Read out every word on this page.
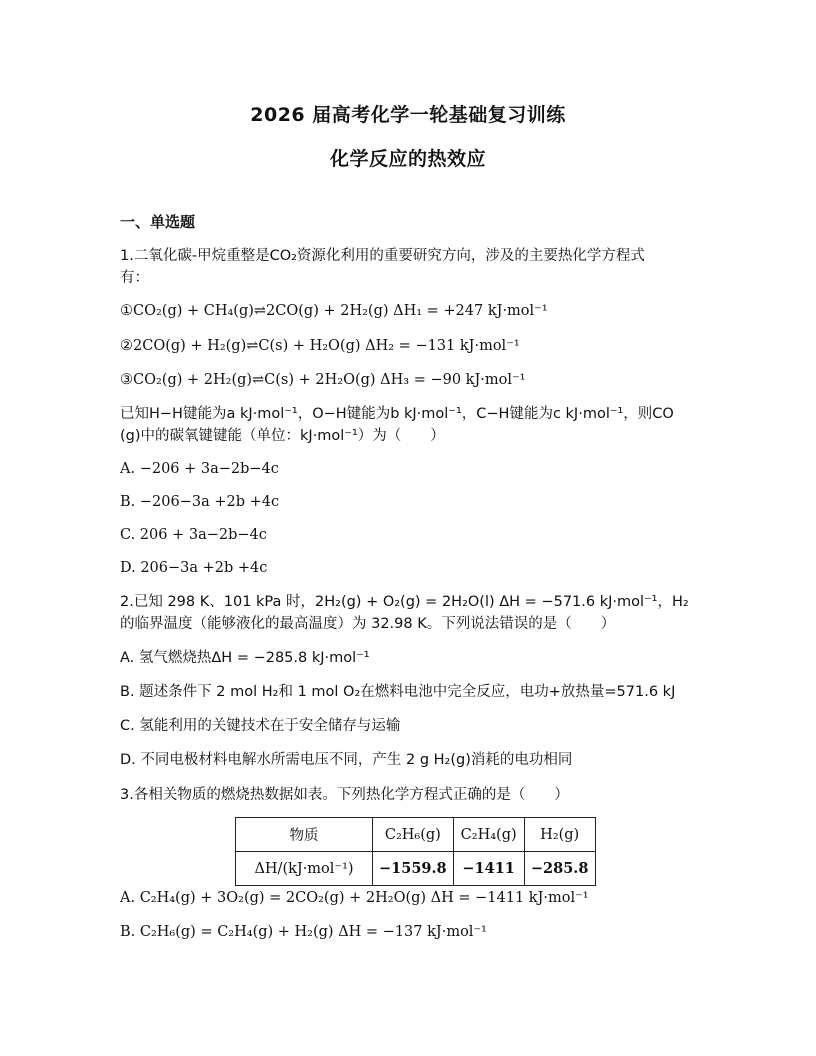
2026 届高考化学一轮基础复习训练
化学反应的热效应
一、单选题
1.二氧化碳-甲烷重整是CO₂资源化利用的重要研究方向，涉及的主要热化学方程式
有：
①CO₂(g) + CH₄(g)⇌2CO(g) + 2H₂(g) ΔH₁ = +247 kJ·mol⁻¹
②2CO(g) + H₂(g)⇌C(s) + H₂O(g) ΔH₂ = −131 kJ·mol⁻¹
③CO₂(g) + 2H₂(g)⇌C(s) + 2H₂O(g) ΔH₃ = −90 kJ·mol⁻¹
已知H−H键能为a kJ·mol⁻¹，O−H键能为b kJ·mol⁻¹，C−H键能为c kJ·mol⁻¹，则CO
(g)中的碳氧键键能（单位：kJ·mol⁻¹）为（　　）
A. −206 + 3a−2b−4c
B. −206−3a +2b +4c
C. 206 + 3a−2b−4c
D. 206−3a +2b +4c
2.已知 298 K、101 kPa 时，2H₂(g) + O₂(g) = 2H₂O(l) ΔH = −571.6 kJ·mol⁻¹，H₂
的临界温度（能够液化的最高温度）为 32.98 K。下列说法错误的是（　　）
A. 氢气燃烧热ΔH = −285.8 kJ·mol⁻¹
B. 题述条件下 2 mol H₂和 1 mol O₂在燃料电池中完全反应，电功+放热量=571.6 kJ
C. 氢能利用的关键技术在于安全储存与运输
D. 不同电极材料电解水所需电压不同，产生 2 g H₂(g)消耗的电功相同
3.各相关物质的燃烧热数据如表。下列热化学方程式正确的是（　　）
物质	C₂H₆(g)	C₂H₄(g)	H₂(g)
ΔH/(kJ·mol⁻¹)	−1559.8	−1411	−285.8
A. C₂H₄(g) + 3O₂(g) = 2CO₂(g) + 2H₂O(g) ΔH = −1411 kJ·mol⁻¹
B. C₂H₆(g) = C₂H₄(g) + H₂(g) ΔH = −137 kJ·mol⁻¹
